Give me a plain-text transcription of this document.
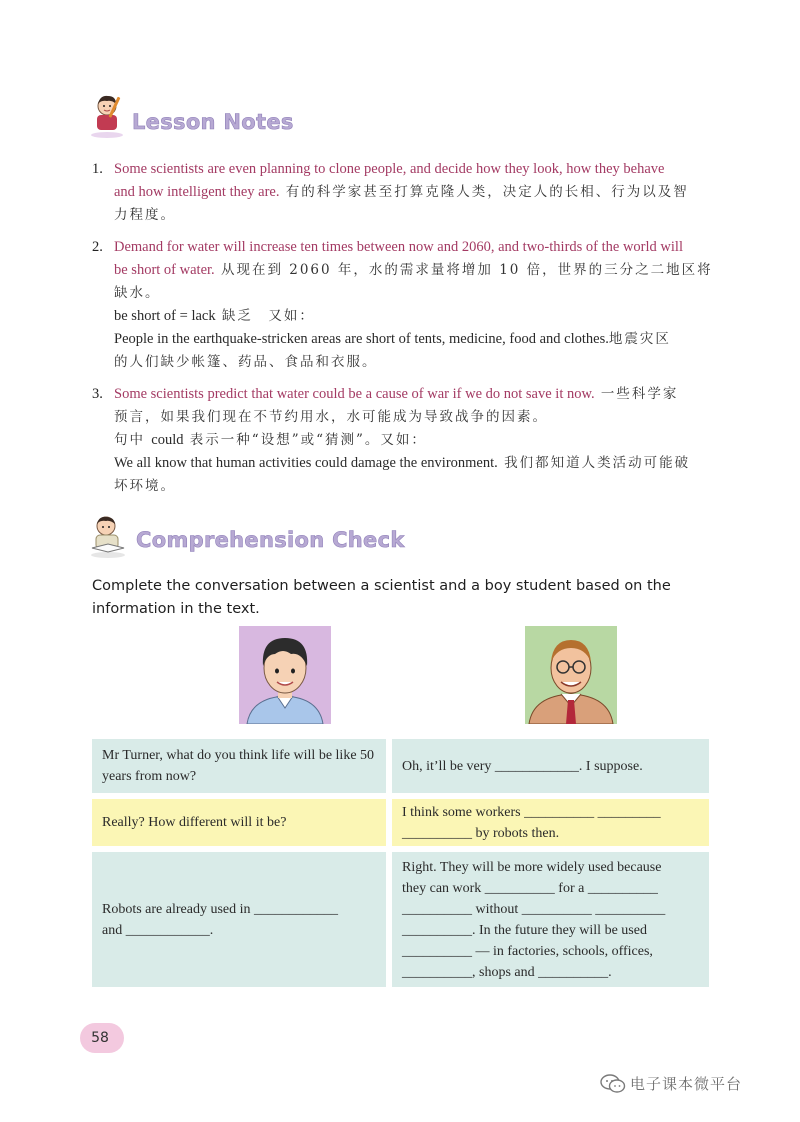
Lesson Notes
1. Some scientists are even planning to clone people, and decide how they look, how they behave
and how intelligent they are. 有的科学家甚至打算克隆人类，决定人的长相、行为以及智
力程度。
2. Demand for water will increase ten times between now and 2060, and two-thirds of the world will
be short of water. 从现在到 2060 年，水的需求量将增加 10 倍，世界的三分之二地区将
缺水。
be short of = lack 缺乏　又如：
People in the earthquake-stricken areas are short of tents, medicine, food and clothes.地震灾区
的人们缺少帐篷、药品、食品和衣服。
3. Some scientists predict that water could be a cause of war if we do not save it now. 一些科学家
预言，如果我们现在不节约用水，水可能成为导致战争的因素。
句中 could 表示一种“设想”或“猜测”。又如：
We all know that human activities could damage the environment. 我们都知道人类活动可能破
坏环境。
Comprehension Check
Complete the conversation between a scientist and a boy student based on the information in the text.
Mr Turner, what do you think life will be like 50 years from now?
Oh, it’ll be very ____________. I suppose.
Really? How different will it be?
I think some workers __________ _________
__________ by robots then.
Robots are already used in ____________
and ____________.
Right. They will be more widely used because
they can work __________ for a __________
__________ without __________ __________
__________. In the future they will be used
__________ — in factories, schools, offices,
__________, shops and __________.
58
电子课本微平台
